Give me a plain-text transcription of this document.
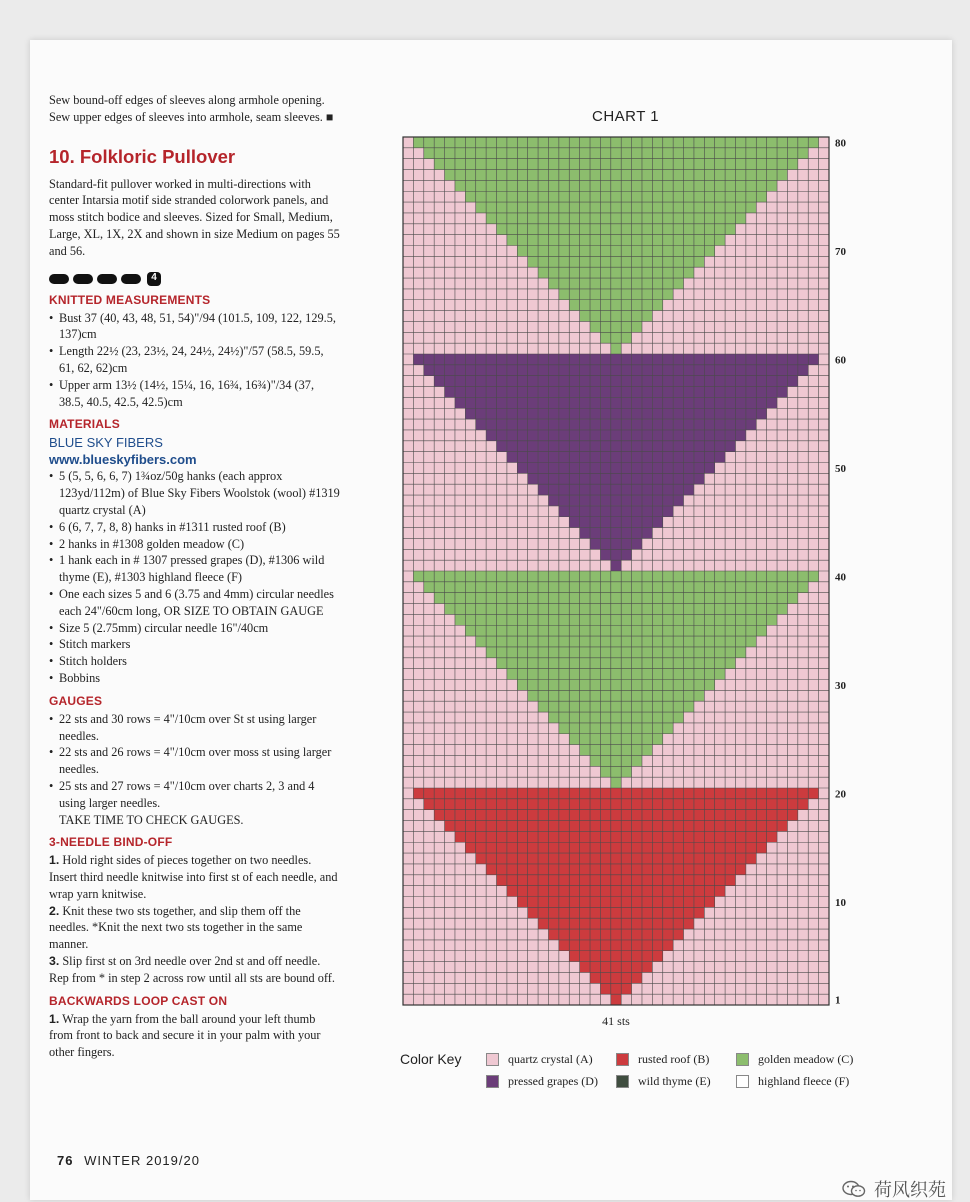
Sew bound-off edges of sleeves along armhole opening.

Sew upper edges of sleeves into armhole, seam sleeves. ■

10. Folkloric Pullover

Standard-fit pullover worked in multi-directions with center Intarsia motif side stranded colorwork panels, and moss stitch bodice and sleeves. Sized for Small, Medium, Large, XL, 1X, 2X and shown in size Medium on pages 55 and 56.

4
KNITTED MEASUREMENTS
• Bust 37 (40, 43, 48, 51, 54)"/94 (101.5, 109, 122, 129.5, 137)cm
• Length 22½ (23, 23½, 24, 24½, 24½)"/57 (58.5, 59.5, 61, 62, 62)cm
• Upper arm 13½ (14½, 15¼, 16, 16¾, 16¾)"/34 (37, 38.5, 40.5, 42.5, 42.5)cm
MATERIALS
BLUE SKY FIBERS
www.blueskyfibers.com
• 5 (5, 5, 6, 6, 7) 1¾oz/50g hanks (each approx 123yd/112m) of Blue Sky Fibers Woolstok (wool) #1319 quartz crystal (A)
• 6 (6, 7, 7, 8, 8) hanks in #1311 rusted roof (B)
• 2 hanks in #1308 golden meadow (C)
• 1 hank each in # 1307 pressed grapes (D), #1306 wild thyme (E), #1303 highland fleece (F)
• One each sizes 5 and 6 (3.75 and 4mm) circular needles each 24"/60cm long, OR SIZE TO OBTAIN GAUGE
• Size 5 (2.75mm) circular needle 16"/40cm
• Stitch markers
• Stitch holders
• Bobbins
GAUGES
• 22 sts and 30 rows = 4"/10cm over St st using larger needles.
• 22 sts and 26 rows = 4"/10cm over moss st using larger needles.
• 25 sts and 27 rows = 4"/10cm over charts 2, 3 and 4 using larger needles.
TAKE TIME TO CHECK GAUGES.
3-NEEDLE BIND-OFF
1. Hold right sides of pieces together on two needles. Insert third needle knitwise into first st of each needle, and wrap yarn knitwise.
2. Knit these two sts together, and slip them off the needles. *Knit the next two sts together in the same manner.
3. Slip first st on 3rd needle over 2nd st and off needle. Rep from * in step 2 across row until all sts are bound off.
BACKWARDS LOOP CAST ON
1. Wrap the yarn from the ball around your left thumb from front to back and secure it in your palm with your other fingers.
76 WINTER 2019/20
CHART 1
1
10
20
30
40
50
60
70
80
41 sts
Color Key	quartz crystal (A)	rusted roof (B)	golden meadow (C)
pressed grapes (D)	wild thyme (E)	highland fleece (F)
荷风织苑
